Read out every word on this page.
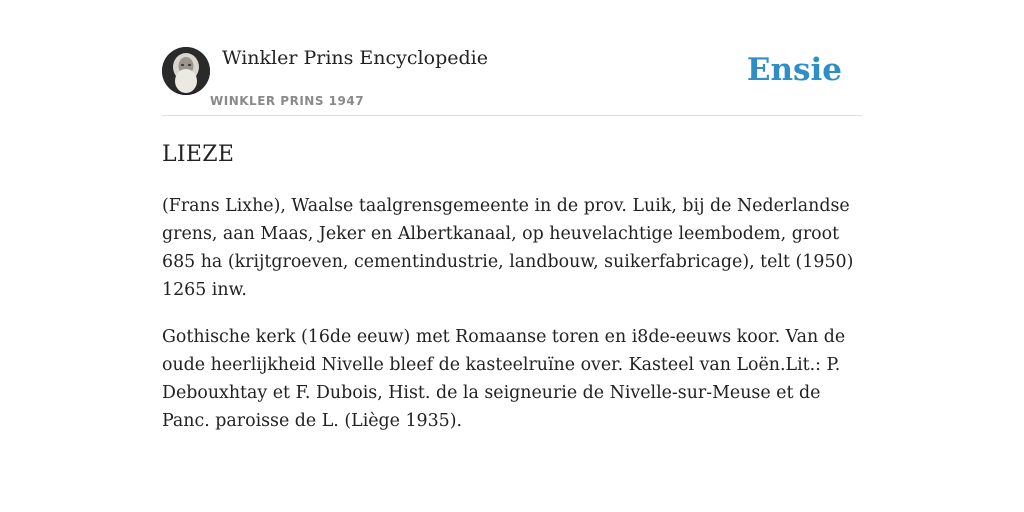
Winkler Prins Encyclopedie
WINKLER PRINS 1947
Ensie
LIEZE

(Frans Lixhe), Waalse taalgrensgemeente in de prov. Luik, bij de Nederlandse grens, aan Maas, Jeker en Albertkanaal, op heuvelachtige leembodem, groot 685 ha (krijtgroeven, cementindustrie, landbouw, suikerfabricage), telt (1950) 1265 inw.

Gothische kerk (16de eeuw) met Romaanse toren en i8de-eeuws koor. Van de oude heerlijkheid Nivelle bleef de kasteelruïne over. Kasteel van Loën.Lit.: P. Debouxhtay et F. Dubois, Hist. de la seigneurie de Nivelle-sur-Meuse et de Panc. paroisse de L. (Liège 1935).
